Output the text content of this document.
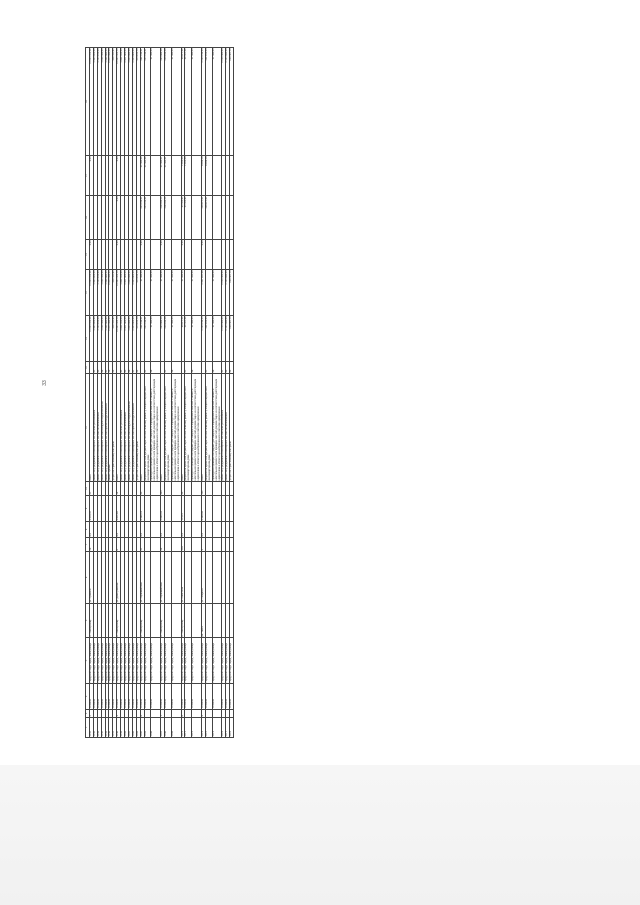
33
1	2	3	4	5	6	7	8	9	10	11	12	13	14	15	16	17	18
1751	4	7705000	Городской округ город Новокузнецк	п. Новокузнецк	ул. Пушкина	48	8,0	3 078,44	21	всего		11 933 443,20	11 933 443,20	0,00		0,00	11 933 443,20
1752		7705000	Городской округ город Новокузнецк							ремонт внутридомовых инженерных систем электроснабжения	04	1 304 920,00	1 304 920,00				1 304 920,00
1753		7705000	Городской округ город Новокузнецк							ремонт внутридомовых инженерных систем теплоснабжения	05	1 154 240,00	1 154 240,00				1 154 240,00
1754		7705000	Городской округ город Новокузнецк							ремонт внутридомовых инженерных систем холодного водоснабжения	06	1 209 490,00	1 209 490,00				1 209 490,00
1755		7705000	Городской округ город Новокузнецк							ремонт внутридомовых инженерных систем горячего водоснабжения	07	1 099 860,00	1 099 860,00				1 099 860,00
1756		7705000	Городской округ город Новокузнецк							ремонт крыши	10	2 944 000,00	2 944 000,00				2 944 000,00
1757		7705000	Городской округ город Новокузнецк							услуги по строительному контролю	22	249 511,64	249 511,64				249 511,64
1758	5	7705000	Городской округ город Новокузнецк	п. Новокузнецк	ул. Димитровская	6	8,0	5 611,83	19	всего		14 094 345,70	14 094 345,70	0,00	0,00	0,00	14 094 345,70
1759		7705000	Городской округ город Новокузнецк							ремонт внутридомовых инженерных систем электроснабжения	04	1 802 010,00	1 802 010,00				1 802 010,00
1760		7705000	Городской округ город Новокузнецк							ремонт внутридомовых инженерных систем теплоснабжения	05	4 047 020,00	4 047 020,00				4 047 020,00
1761		7705000	Городской округ город Новокузнецк							ремонт внутридомовых инженерных систем холодного водоснабжения	06	1 820 600,00	1 820 600,00				1 820 600,00
1762		7705000	Городской округ город Новокузнецк							ремонт внутридомовых инженерных систем горячего водоснабжения	07	4 025 820,00	4 025 820,00				4 025 820,00
1763		7705000	Городской округ город Новокузнецк							услуги по строительному контролю	22	513 240,70	513 240,70				513 240,70
1764	6	7705000	Городской округ город Новокузнецк	п. Новокузнецк	ул. Первомайская	27	8,0	2 989,10	95	всего		482 158,57	57 460,00	0,00	405 796,57	21 535,59	482 158,57
1765		7705000	Городской округ город Новокузнецк							разработка проектной документации по капитальному ремонту общего имущества в многоквартирном доме	21	424 158,57			405 796,57	21 535,59	424 158,57
1766		7705000	Городской округ город Новокузнецк							проведение проверки на предмет достоверности определения сметной стоимости капитального ремонта или проверки сметной документации на соответствие действующим нормативам в области ценообразования в сметном нормировании	96	57 460,00	57 460,00				57 460,00
1767	7	7705000	Городской округ город Новокузнецк	п. Новокузнецк	ул. Первомайская	29	8,0	4 899,18	304	всего		463 666,28	57 460,00	0,00	409 922,11	21 535,27	463 666,28
1768		7705000	Городской округ город Новокузнецк							разработка проектной документации по капитальному ремонту общего имущества в многоквартирном доме	21	426 206,28			409 922,11	21 535,27	426 206,28
1769		7705000	Городской округ город Новокузнецк							проведение проверки на предмет достоверности определения сметной стоимости капитального ремонта или проверки сметной документации на соответствие действующим нормативам в области ценообразования в сметном нормировании	96	37 460,00	37 460,00				37 460,00
1770	8	7705000	Городской округ город Новокузнецк	п. Новокузнецк	ул. Советская	14А	8,0	775,21	33	всего		96 977,39	57 460,00	0,00	34 515,61	1 943,06	96 977,39
1771		7705000	Городской округ город Новокузнецк							разработка проектной документации по капитальному ремонту общего имущества в многоквартирном доме	21	39 517,39			34 515,61	1 943,06	39 517,39
1772		7705000	Городской округ город Новокузнецк							проведение проверки на предмет достоверности определения сметной стоимости капитального ремонта или проверки сметной документации на соответствие действующим нормативам в области ценообразования в сметном нормировании	96	57 460,00	57 460,00				57 460,00
1773	9	7705000	Городской округ город Новокузнецк	рп. Тайга	ул. Гагарина	5	8,0	2 988,60	131	всего		4 490 706,53	4 337 267,28	0,00	128 277,07	8 946,16	4 490 706,53
1774		7705000	Городской округ город Новокузнецк							разработка проектной документации по капитальному ремонту общего имущества в многоквартирном доме	21	132 912,23			128 277,07	8 946,16	132 912,23
1775		7705000	Городской округ город Новокузнецк							проведение проверки на предмет достоверности определения сметной стоимости капитального ремонта или проверки сметной документации на соответствие действующим нормативам в области ценообразования в сметном нормировании	96	57 460,00	57 460,00				57 460,00
1776		7705000	Городской округ город Новокузнецк							ремонт внутридомовых инженерных систем электроснабжения	01	2 226 390,00	2 226 390,00				2 226 390,00
1777		7705000	Городской округ город Новокузнецк							ремонт внутридомовых инженерных систем теплоснабжения	02	4 134 630,00	4 134 630,00				4 134 630,00
1778		7705000	Городской округ город Новокузнецк							услуги по строительному контролю	22	236 597,70	236 597,70				236 597,70
